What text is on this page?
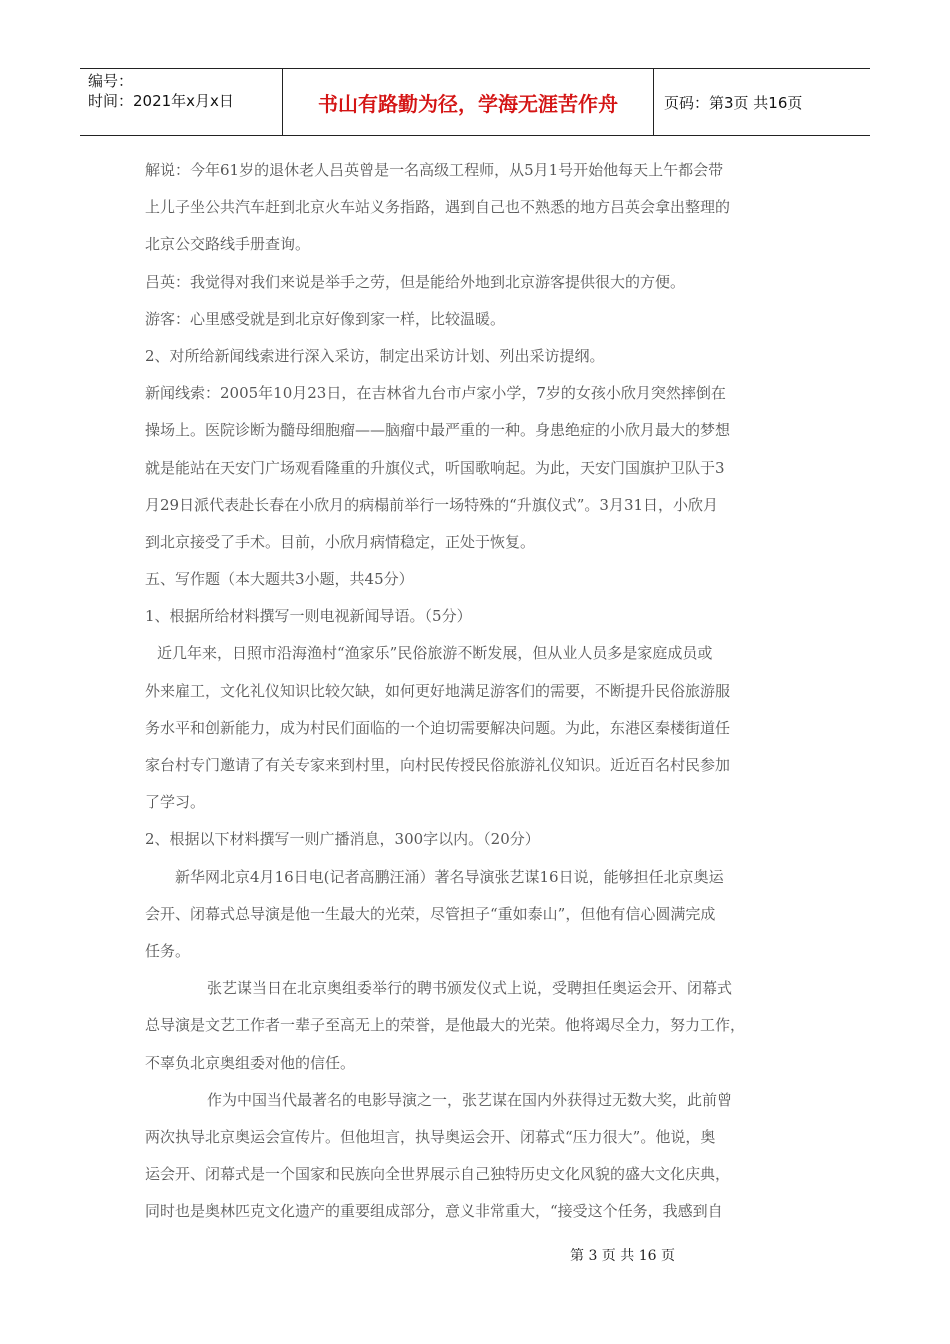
编号：
时间：2021年x月x日	书山有路勤为径，学海无涯苦作舟	页码：第3页 共16页
解说：今年61岁的退休老人吕英曾是一名高级工程师，从5月1号开始他每天上午都会带
上儿子坐公共汽车赶到北京火车站义务指路，遇到自己也不熟悉的地方吕英会拿出整理的
北京公交路线手册查询。
吕英：我觉得对我们来说是举手之劳，但是能给外地到北京游客提供很大的方便。
游客：心里感受就是到北京好像到家一样，比较温暖。
2、对所给新闻线索进行深入采访，制定出采访计划、列出采访提纲。
新闻线索：2005年10月23日，在吉林省九台市卢家小学，7岁的女孩小欣月突然摔倒在
操场上。医院诊断为髓母细胞瘤——脑瘤中最严重的一种。身患绝症的小欣月最大的梦想
就是能站在天安门广场观看隆重的升旗仪式，听国歌响起。为此，天安门国旗护卫队于3
月29日派代表赴长春在小欣月的病榻前举行一场特殊的“升旗仪式”。3月31日，小欣月
到北京接受了手术。目前，小欣月病情稳定，正处于恢复。
五、写作题（本大题共3小题，共45分）
1、根据所给材料撰写一则电视新闻导语。（5分）
近几年来，日照市沿海渔村“渔家乐”民俗旅游不断发展，但从业人员多是家庭成员或
外来雇工，文化礼仪知识比较欠缺，如何更好地满足游客们的需要，不断提升民俗旅游服
务水平和创新能力，成为村民们面临的一个迫切需要解决问题。为此，东港区秦楼街道任
家台村专门邀请了有关专家来到村里，向村民传授民俗旅游礼仪知识。近近百名村民参加
了学习。
2、根据以下材料撰写一则广播消息，300字以内。（20分）
新华网北京4月16日电(记者高鹏汪涌）著名导演张艺谋16日说，能够担任北京奥运
会开、闭幕式总导演是他一生最大的光荣，尽管担子“重如泰山”，但他有信心圆满完成
任务。
张艺谋当日在北京奥组委举行的聘书颁发仪式上说，受聘担任奥运会开、闭幕式
总导演是文艺工作者一辈子至高无上的荣誉，是他最大的光荣。他将竭尽全力，努力工作，
不辜负北京奥组委对他的信任。
作为中国当代最著名的电影导演之一，张艺谋在国内外获得过无数大奖，此前曾
两次执导北京奥运会宣传片。但他坦言，执导奥运会开、闭幕式“压力很大”。他说，奥
运会开、闭幕式是一个国家和民族向全世界展示自己独特历史文化风貌的盛大文化庆典，
同时也是奥林匹克文化遗产的重要组成部分，意义非常重大，“接受这个任务，我感到自
第 3 页 共 16 页
